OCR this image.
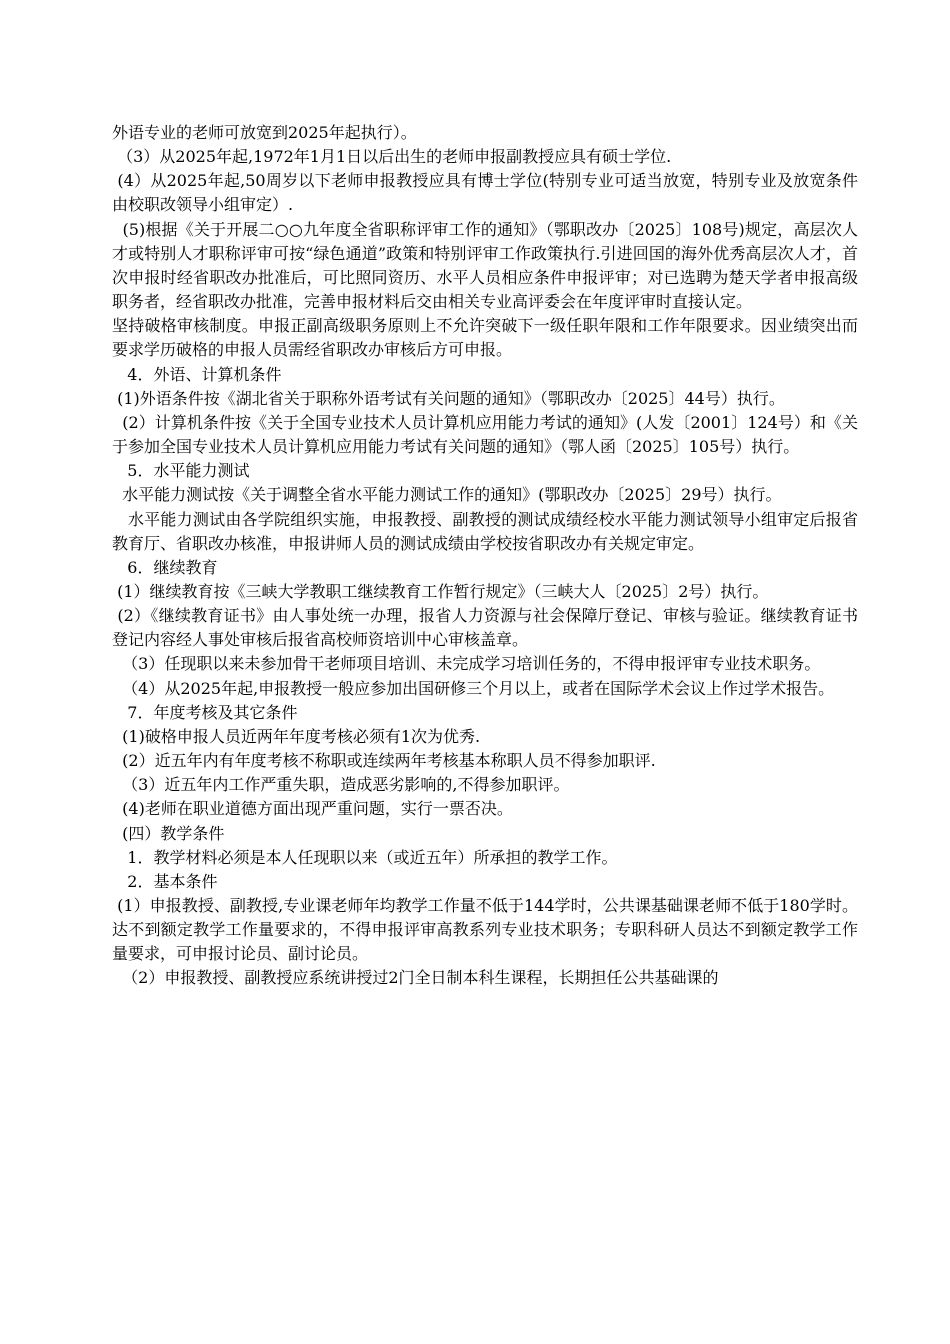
外语专业的老师可放宽到2025年起执行）。

（3）从2025年起,1972年1月1日以后出生的老师申报副教授应具有硕士学位.

(4）从2025年起,50周岁以下老师申报教授应具有博士学位(特别专业可适当放宽，特别专业及放宽条件由校职改领导小组审定）.

(5)根据《关于开展二○○九年度全省职称评审工作的通知》（鄂职改办〔2025〕108号)规定，高层次人才或特别人才职称评审可按“绿色通道”政策和特别评审工作政策执行.引进回国的海外优秀高层次人才，首次申报时经省职改办批准后，可比照同资历、水平人员相应条件申报评审；对已选聘为楚天学者申报高级职务者，经省职改办批准，完善申报材料后交由相关专业高评委会在年度评审时直接认定。

坚持破格审核制度。申报正副高级职务原则上不允许突破下一级任职年限和工作年限要求。因业绩突出而要求学历破格的申报人员需经省职改办审核后方可申报。

4．外语、计算机条件

(1)外语条件按《湖北省关于职称外语考试有关问题的通知》（鄂职改办〔2025〕44号）执行。

(2）计算机条件按《关于全国专业技术人员计算机应用能力考试的通知》(人发〔2001〕124号）和《关于参加全国专业技术人员计算机应用能力考试有关问题的通知》（鄂人函〔2025〕105号）执行。

5．水平能力测试

水平能力测试按《关于调整全省水平能力测试工作的通知》(鄂职改办〔2025〕29号）执行。

水平能力测试由各学院组织实施，申报教授、副教授的测试成绩经校水平能力测试领导小组审定后报省教育厅、省职改办核准，申报讲师人员的测试成绩由学校按省职改办有关规定审定。

6．继续教育

(1）继续教育按《三峡大学教职工继续教育工作暂行规定》（三峡大人〔2025〕2号）执行。

(2）《继续教育证书》由人事处统一办理，报省人力资源与社会保障厅登记、审核与验证。继续教育证书登记内容经人事处审核后报省高校师资培训中心审核盖章。

（3）任现职以来未参加骨干老师项目培训、未完成学习培训任务的，不得申报评审专业技术职务。

（4）从2025年起,申报教授一般应参加出国研修三个月以上，或者在国际学术会议上作过学术报告。

7．年度考核及其它条件

(1)破格申报人员近两年年度考核必须有1次为优秀.

(2）近五年内有年度考核不称职或连续两年考核基本称职人员不得参加职评.

（3）近五年内工作严重失职，造成恶劣影响的,不得参加职评。

(4)老师在职业道德方面出现严重问题，实行一票否决。

(四）教学条件

1．教学材料必须是本人任现职以来（或近五年）所承担的教学工作。

2．基本条件

(1）申报教授、副教授,专业课老师年均教学工作量不低于144学时，公共课基础课老师不低于180学时。达不到额定教学工作量要求的，不得申报评审高教系列专业技术职务；专职科研人员达不到额定教学工作量要求，可申报讨论员、副讨论员。

（2）申报教授、副教授应系统讲授过2门全日制本科生课程，长期担任公共基础课的
